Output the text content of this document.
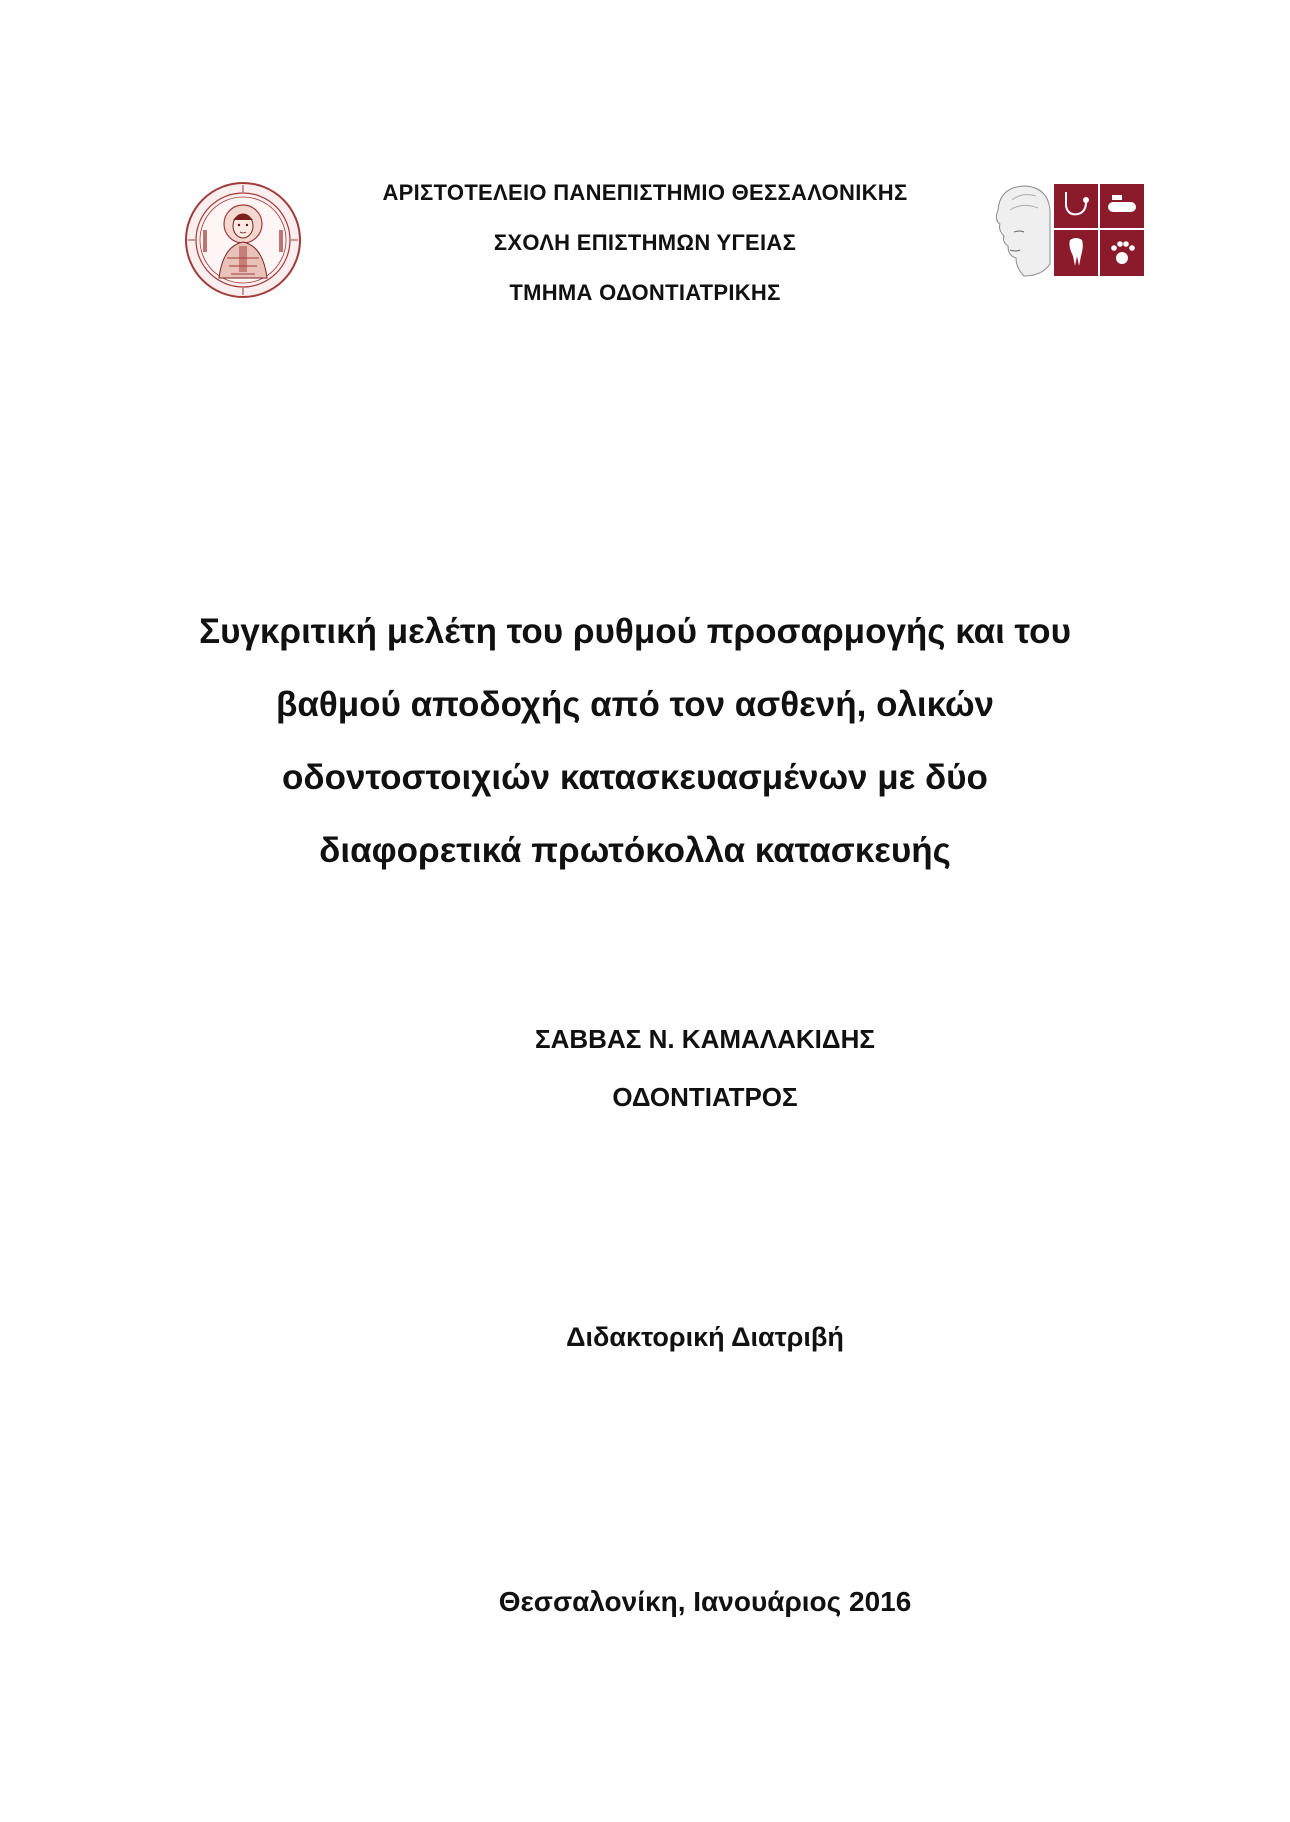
ΑΡΙΣΤΟΤΕΛΕΙΟ ΠΑΝΕΠΙΣΤΗΜΙΟ ΘΕΣΣΑΛΟΝΙΚΗΣ
ΣΧΟΛΗ ΕΠΙΣΤΗΜΩΝ ΥΓΕΙΑΣ
ΤΜΗΜΑ ΟΔΟΝΤΙΑΤΡΙΚΗΣ
Συγκριτική μελέτη του ρυθμού προσαρμογής και του
βαθμού αποδοχής από τον ασθενή, ολικών
οδοντοστοιχιών κατασκευασμένων με δύο
διαφορετικά πρωτόκολλα κατασκευής
ΣΑΒΒΑΣ Ν. ΚΑΜΑΛΑΚΙΔΗΣ
ΟΔΟΝΤΙΑΤΡΟΣ
Διδακτορική Διατριβή
Θεσσαλονίκη, Ιανουάριος 2016
